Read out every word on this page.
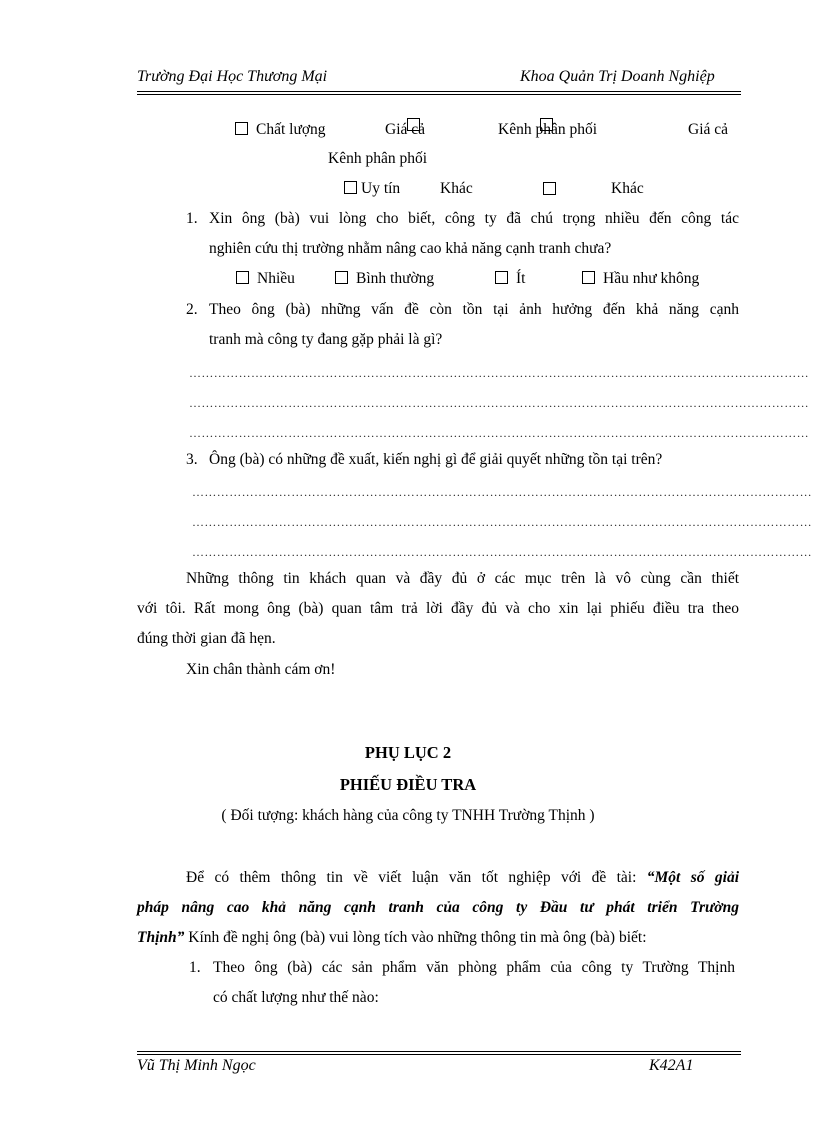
Trường Đại Học Thương Mại	Khoa Quản Trị Doanh Nghiệp
Chất lượng	Giá cả	Kênh phân phối	Giá cả
Kênh phân phối
Uy tín	Khác	Khác
1. Xin ông (bà) vui lòng cho biết, công ty đã chú trọng nhiều đến công tác
nghiên cứu thị trường nhằm nâng cao khả năng cạnh tranh chưa?
Nhiều	Bình thường	Ít	Hầu như không
2. Theo ông (bà) những vấn đề còn tồn tại ảnh hưởng đến khả năng cạnh
tranh mà công ty đang gặp phải là gì?
……………………………………………………………………………………………………………………………………
……………………………………………………………………………………………………………………………………
……………………………………………………………………………………………………………………………………
3. Ông (bà) có những đề xuất, kiến nghị gì để giải quyết những tồn tại trên?
……………………………………………………………………………………………………………………………………
……………………………………………………………………………………………………………………………………
……………………………………………………………………………………………………………………………………
Những thông tin khách quan và đầy đủ ở các mục trên là vô cùng cần thiết
với tôi. Rất mong ông (bà) quan tâm trả lời đầy đủ và cho xin lại phiếu điều tra theo
đúng thời gian đã hẹn.
Xin chân thành cám ơn!
PHỤ LỤC 2
PHIẾU ĐIỀU TRA
( Đối tượng: khách hàng của công ty TNHH Trường Thịnh )
Để có thêm thông tin về viết luận văn tốt nghiệp với đề tài: “Một số giải
pháp nâng cao khả năng cạnh tranh của công ty Đầu tư phát triển Trường
Thịnh” Kính đề nghị ông (bà) vui lòng tích vào những thông tin mà ông (bà) biết:
1. Theo ông (bà) các sản phẩm văn phòng phẩm của công ty Trường Thịnh
có chất lượng như thế nào:
Vũ Thị Minh Ngọc	K42A1
